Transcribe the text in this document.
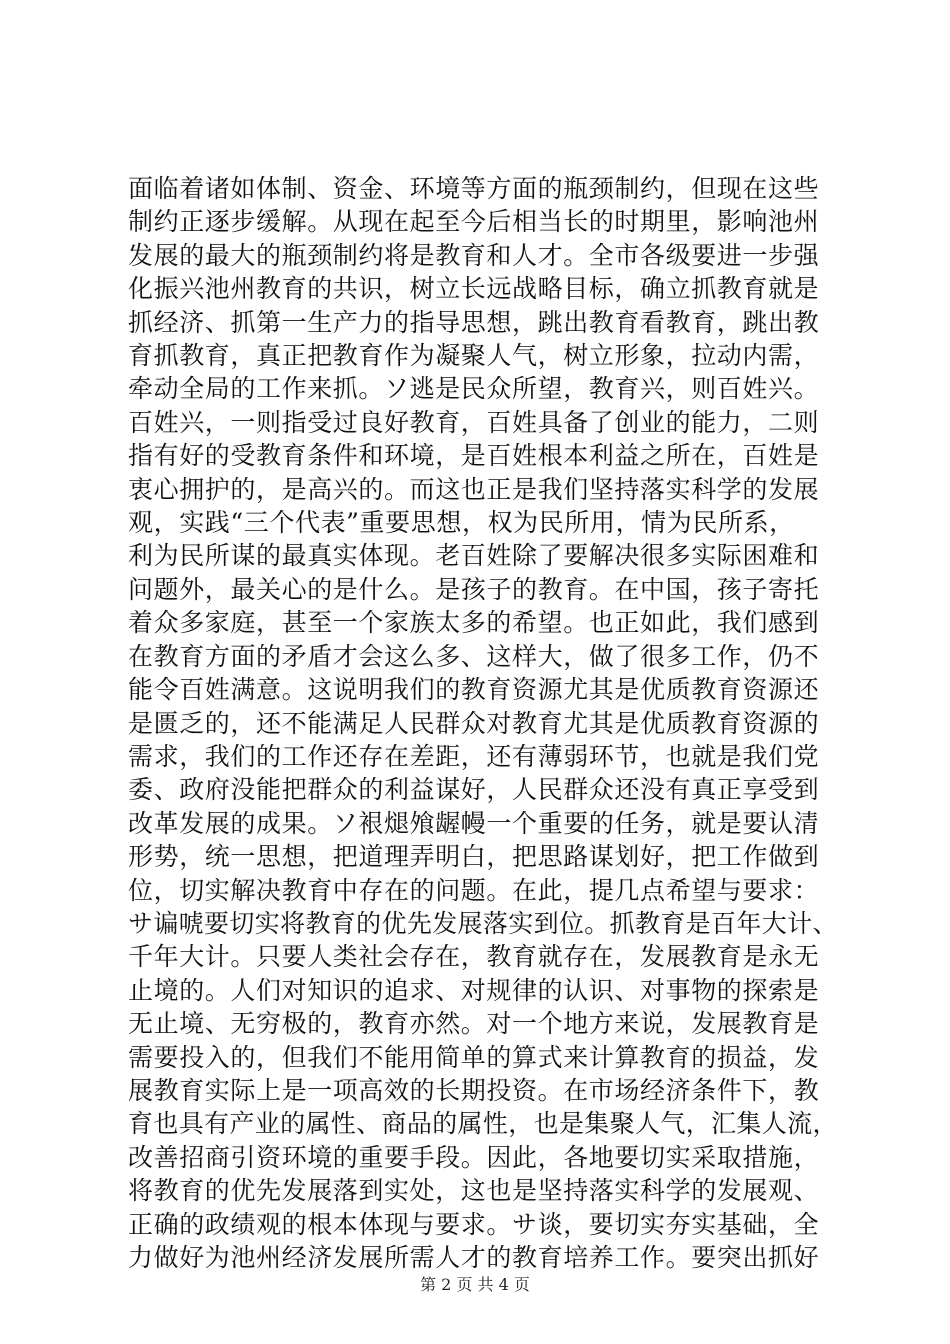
面临着诸如体制、资金、环境等方面的瓶颈制约，但现在这些
制约正逐步缓解。从现在起至今后相当长的时期里，影响池州
发展的最大的瓶颈制约将是教育和人才。全市各级要进一步强
化振兴池州教育的共识，树立长远战略目标，确立抓教育就是
抓经济、抓第一生产力的指导思想，跳出教育看教育，跳出教
育抓教育，真正把教育作为凝聚人气，树立形象，拉动内需，
牵动全局的工作来抓。ソ逃是民众所望，教育兴，则百姓兴。
百姓兴，一则指受过良好教育，百姓具备了创业的能力，二则
指有好的受教育条件和环境，是百姓根本利益之所在，百姓是
衷心拥护的，是高兴的。而这也正是我们坚持落实科学的发展
观，实践“三个代表”重要思想，权为民所用，情为民所系，
利为民所谋的最真实体现。老百姓除了要解决很多实际困难和
问题外，最关心的是什么。是孩子的教育。在中国，孩子寄托
着众多家庭，甚至一个家族太多的希望。也正如此，我们感到
在教育方面的矛盾才会这么多、这样大，做了很多工作，仍不
能令百姓满意。这说明我们的教育资源尤其是优质教育资源还
是匮乏的，还不能满足人民群众对教育尤其是优质教育资源的
需求，我们的工作还存在差距，还有薄弱环节，也就是我们党
委、政府没能把群众的利益谋好，人民群众还没有真正享受到
改革发展的成果。ソ裉煺飧龌幔一个重要的任务，就是要认清
形势，统一思想，把道理弄明白，把思路谋划好，把工作做到
位，切实解决教育中存在的问题。在此，提几点希望与要求：
サ谝唬要切实将教育的优先发展落实到位。抓教育是百年大计、
千年大计。只要人类社会存在，教育就存在，发展教育是永无
止境的。人们对知识的追求、对规律的认识、对事物的探索是
无止境、无穷极的，教育亦然。对一个地方来说，发展教育是
需要投入的，但我们不能用简单的算式来计算教育的损益，发
展教育实际上是一项高效的长期投资。在市场经济条件下，教
育也具有产业的属性、商品的属性，也是集聚人气，汇集人流，
改善招商引资环境的重要手段。因此，各地要切实采取措施，
将教育的优先发展落到实处，这也是坚持落实科学的发展观、
正确的政绩观的根本体现与要求。サ谈，要切实夯实基础，全
力做好为池州经济发展所需人才的教育培养工作。要突出抓好
第 2 页 共 4 页
